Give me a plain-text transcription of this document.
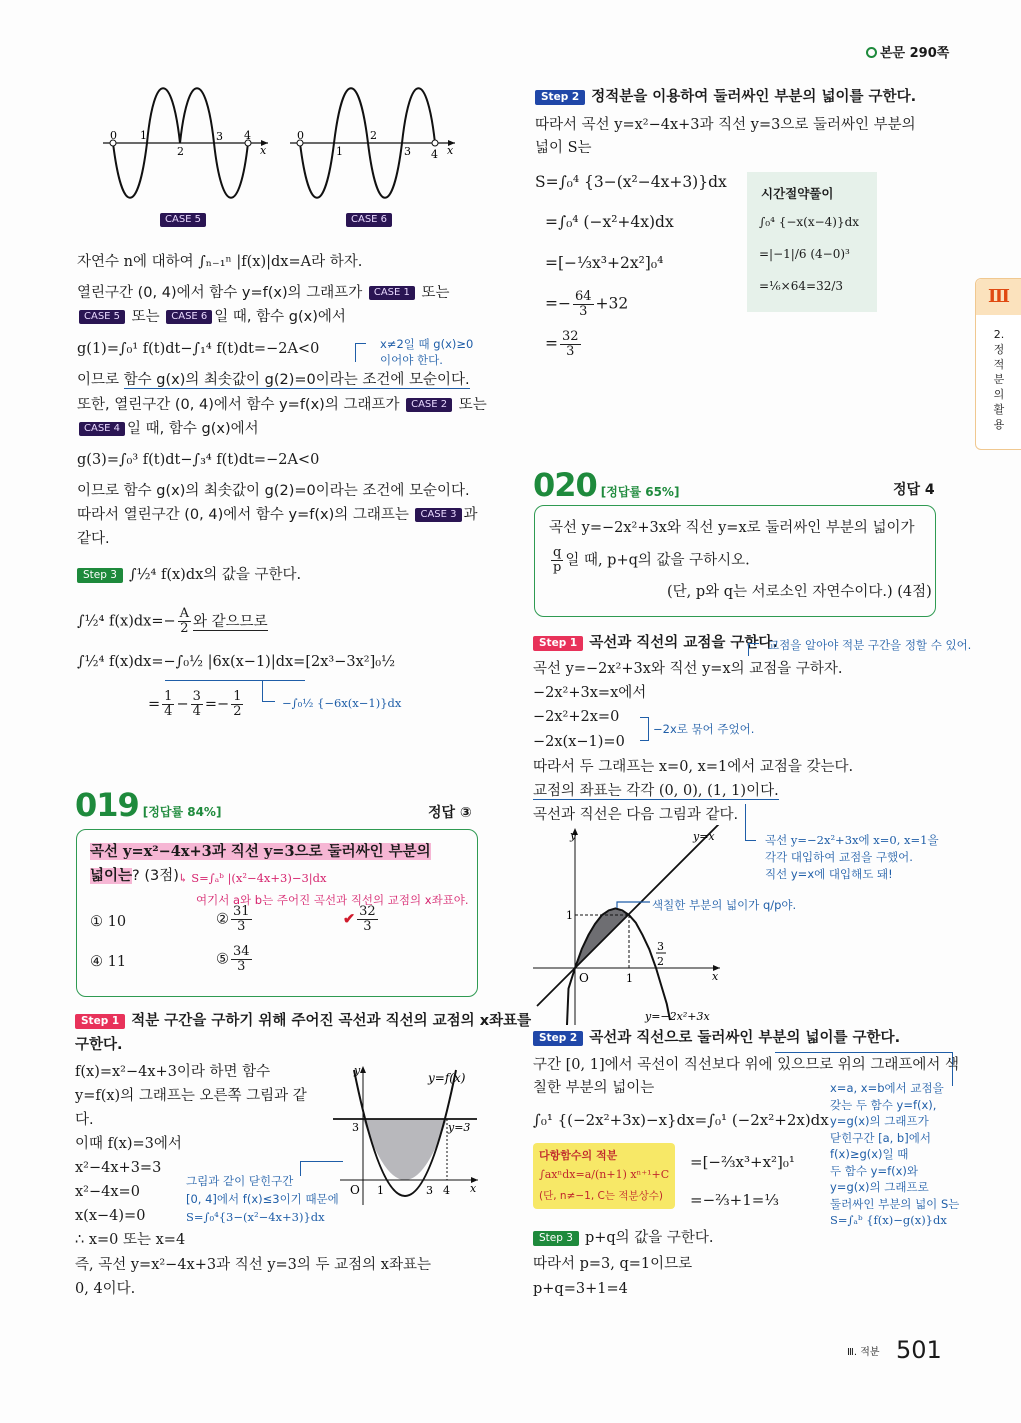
본문 290쪽
Ⅲ
2.정적분의활용
0 1
2
3 4
x
0
1
2
3 4 x
CASE 5	CASE 6
자연수 n에 대하여 ∫ₙ₋₁ⁿ |f(x)|dx=A라 하자.
열린구간 (0, 4)에서 함수 y=f(x)의 그래프가 CASE 1 또는
CASE 5 또는 CASE 6 일 때, 함수 g(x)에서
g(1)=∫₀¹ f(t)dt−∫₁⁴ f(t)dt=−2A<0	x≠2일 때 g(x)≥0
이어야 한다.
이므로 함수 g(x)의 최솟값이 g(2)=0이라는 조건에 모순이다.
또한, 열린구간 (0, 4)에서 함수 y=f(x)의 그래프가 CASE 2 또는
CASE 4 일 때, 함수 g(x)에서
g(3)=∫₀³ f(t)dt−∫₃⁴ f(t)dt=−2A<0
이므로 함수 g(x)의 최솟값이 g(2)=0이라는 조건에 모순이다.
따라서 열린구간 (0, 4)에서 함수 y=f(x)의 그래프는 CASE 3 과
같다.
Step 3 ∫½⁴ f(x)dx의 값을 구한다.
∫½⁴ $f(x)dx=- \frac{A}{2}$ 와 같으므로
∫½⁴ f(x)dx=−∫₀½ |6x(x−1)|dx=[2x³−3x²]₀½
= $\frac{1}{4} - \frac{3}{4} =- \frac{1}{2}$	−∫₀½ {−6x(x−1)}dx
019 [정답률 84%]	정답 ③
곡선 y=x²−4x+3과 직선 y=3으로 둘러싸인 부분의
넓이는? (3점) ↳ S=∫ₐᵇ |(x²−4x+3)−3|dx
여기서 a와 b는 주어진 곡선과 직선의 교점의 x좌표야.
① 10	② $\frac{31}{3}$	✔ $\frac{32}{3}$
④ 11	⑤ $\frac{34}{3}$
Step 1 적분 구간을 구하기 위해 주어진 곡선과 직선의 교점의 x좌표를
구한다.
f(x)=x²−4x+3이라 하면 함수
y=f(x)의 그래프는 오른쪽 그림과 같
다.
이때 f(x)=3에서
x²−4x+3=3
x²−4x=0
x(x−4)=0
∴ x=0 또는 x=4
즉, 곡선 y=x²−4x+3과 직선 y=3의 두 교점의 x좌표는
0, 4이다.
그림과 같이 닫힌구간
[0, 4]에서 f(x)≤3이기 때문에
S=∫₀⁴{3−(x²−4x+3)}dx
y
x
y=f(x)
y=3
3
O 1	3 4
Step 2 정적분을 이용하여 둘러싸인 부분의 넓이를 구한다.
따라서 곡선 y=x²−4x+3과 직선 y=3으로 둘러싸인 부분의
넓이 S는
S=∫₀⁴ {3−(x²−4x+3)}dx
=∫₀⁴ (−x²+4x)dx
=[−⅓x³+2x²]₀⁴
=− $\frac{64}{3} +32$
= $\frac{32}{3}$
시간절약풀이
∫₀⁴ {−x(x−4)}dx
=|−1|/6 (4−0)³
=⅙×64=32/3
020 [정답률 65%]	정답 4
곡선 y=−2x²+3x와 직선 y=x로 둘러싸인 부분의 넓이가
$\frac{q}{p}$ 일 때, p+q의 값을 구하시오.
(단, p와 q는 서로소인 자연수이다.) (4점)
Step 1 곡선과 직선의 교점을 구한다.
교점을 알아야 적분 구간을 정할 수 있어.
곡선 y=−2x²+3x와 직선 y=x의 교점을 구하자.
−2x²+3x=x에서
−2x²+2x=0
−2x(x−1)=0
−2x로 묶어 주었어.
따라서 두 그래프는 x=0, x=1에서 교점을 갖는다.
교점의 좌표는 각각 (0, 0), (1, 1)이다.
곡선과 직선은 다음 그림과 같다.
곡선 y=−2x²+3x에 x=0, x=1을
각각 대입하여 교점을 구했어.
직선 y=x에 대입해도 돼!
y
x
y=x
y=−2x²+3x
1
1
O
3
2
색칠한 부분의 넓이가 q/p야.
Step 2 곡선과 직선으로 둘러싸인 부분의 넓이를 구한다.
구간 [0, 1]에서 곡선이 직선보다 위에 있으므로 위의 그래프에서 색
칠한 부분의 넓이는
∫₀¹ {(−2x²+3x)−x}dx=∫₀¹ (−2x²+2x)dx
=[−⅔x³+x²]₀¹
=−⅔+1=⅓
다항함수의 적분
∫axⁿdx=a/(n+1) xⁿ⁺¹+C
(단, n≠−1, C는 적분상수)
x=a, x=b에서 교점을
갖는 두 함수 y=f(x),
y=g(x)의 그래프가
닫힌구간 [a, b]에서
f(x)≥g(x)일 때
두 함수 y=f(x)와
y=g(x)의 그래프로
둘러싸인 부분의 넓이 S는
S=∫ₐᵇ {f(x)−g(x)}dx
Step 3 p+q의 값을 구한다.
따라서 p=3, q=1이므로
p+q=3+1=4
Ⅲ. 적분 501
